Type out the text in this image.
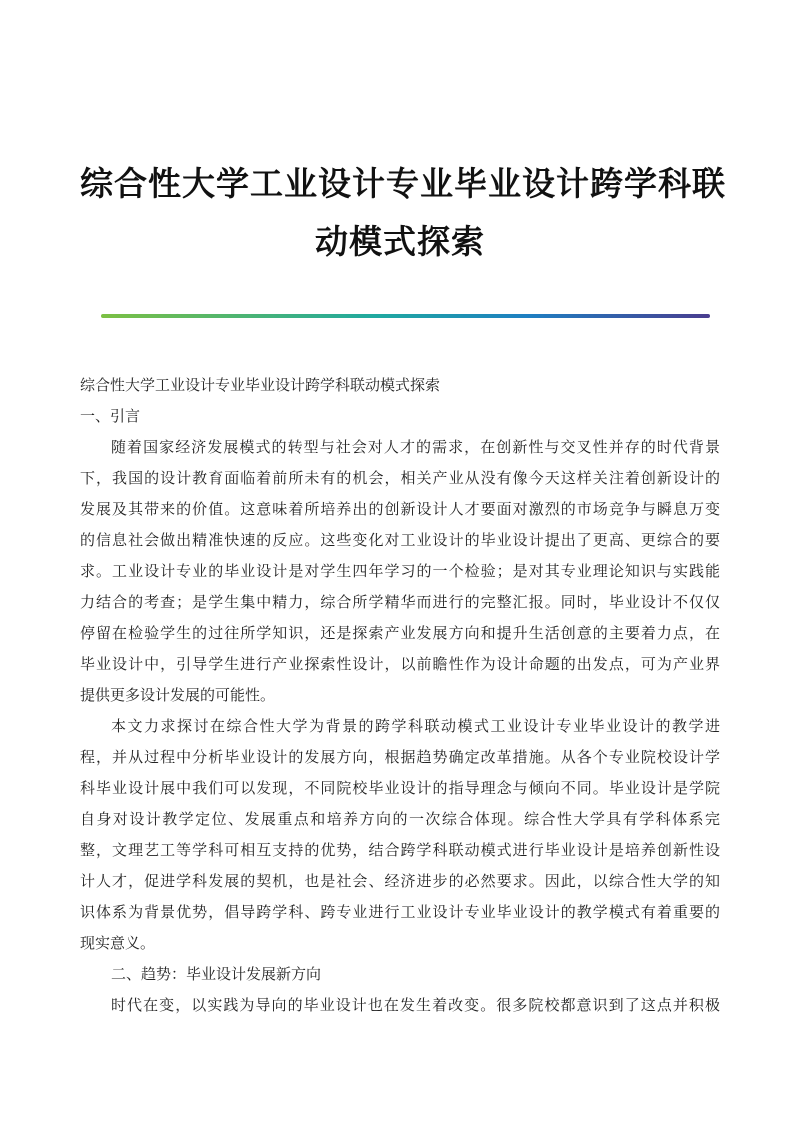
综合性大学工业设计专业毕业设计跨学科联
动模式探索
综合性大学工业设计专业毕业设计跨学科联动模式探索
一、引言
随着国家经济发展模式的转型与社会对人才的需求，在创新性与交叉性并存的时代背景
下，我国的设计教育面临着前所未有的机会，相关产业从没有像今天这样关注着创新设计的
发展及其带来的价值。这意味着所培养出的创新设计人才要面对激烈的市场竞争与瞬息万变
的信息社会做出精准快速的反应。这些变化对工业设计的毕业设计提出了更高、更综合的要
求。工业设计专业的毕业设计是对学生四年学习的一个检验；是对其专业理论知识与实践能
力结合的考查；是学生集中精力，综合所学精华而进行的完整汇报。同时，毕业设计不仅仅
停留在检验学生的过往所学知识，还是探索产业发展方向和提升生活创意的主要着力点，在
毕业设计中，引导学生进行产业探索性设计，以前瞻性作为设计命题的出发点，可为产业界
提供更多设计发展的可能性。
本文力求探讨在综合性大学为背景的跨学科联动模式工业设计专业毕业设计的教学进
程，并从过程中分析毕业设计的发展方向，根据趋势确定改革措施。从各个专业院校设计学
科毕业设计展中我们可以发现，不同院校毕业设计的指导理念与倾向不同。毕业设计是学院
自身对设计教学定位、发展重点和培养方向的一次综合体现。综合性大学具有学科体系完
整，文理艺工等学科可相互支持的优势，结合跨学科联动模式进行毕业设计是培养创新性设
计人才，促进学科发展的契机，也是社会、经济进步的必然要求。因此，以综合性大学的知
识体系为背景优势，倡导跨学科、跨专业进行工业设计专业毕业设计的教学模式有着重要的
现实意义。
二、趋势：毕业设计发展新方向
时代在变，以实践为导向的毕业设计也在发生着改变。很多院校都意识到了这点并积极
